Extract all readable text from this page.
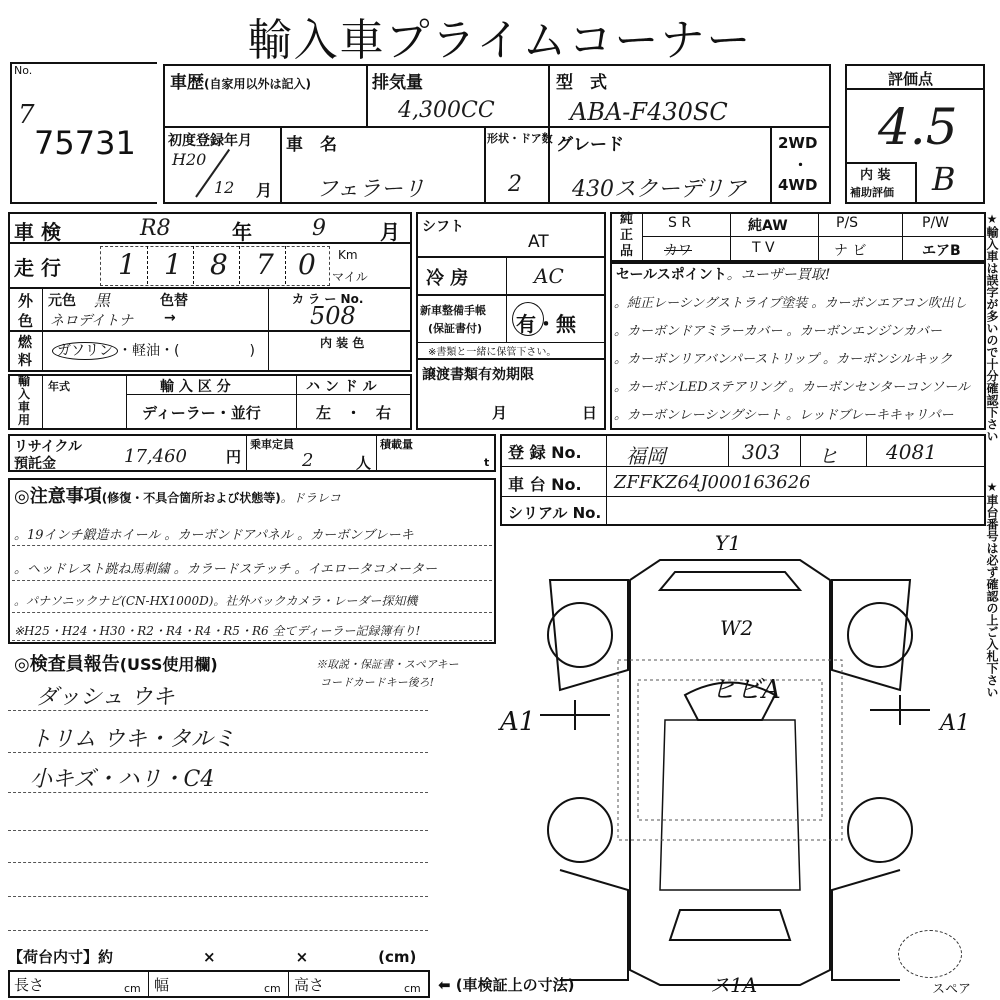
輸入車プライムコーナー
No.
7
75731
車歴(自家用以外は記入)	排気量
4,300CC
型　式
ABA-F430SC
初度登録年月
H20
12 月
車　名
フェラーリ
形状・ドア数
2
グレード
430スクーデリア
2WD
・
4WD
評価点
4.5
内 装
補助評価 B
車 検	R8	年	9	月
走 行 1 1 8 7 0 Km
マイル
外
色
元色 黒	色替
ネロデイトナ →
カ ラ ー No.
508
内 装 色
燃
料
ガソリン ・軽油・(	)
輸入車用
年式	輸 入 区 分
ディーラー・並行
ハ ン ド ル
左　・　右
シフト
AT
冷 房	AC
新車整備手帳
(保証書付) 有・無
※書類と一緒に保管下さい。
譲渡書類有効期限
月	日
純正品
S R	純AW	P/S	P/W
カワ	T V	ナ ビ	エアB
セールスポイント。ユーザー買取!
。純正レーシングストライプ塗装 。カーボンエアコン吹出し
。カーボンドアミラーカバー 。カーボンエンジンカバー
。カーボンリアバンパーストリップ 。カーボンシルキック
。カーボンLEDステアリング 。カーボンセンターコンソール
。カーボンレーシングシート 。レッドブレーキキャリパー
リサイクル
預託金	17,460	円
乗車定員
2	人
積載量
t
登 録 No. 福岡	303 ヒ 4081
車 台 No. ZFFKZ64J000163626
シリアル No.
◎注意事項(修復・不具合箇所および状態等)。ドラレコ
。19インチ鍛造ホイール 。カーボンドアパネル 。カーボンブレーキ
。ヘッドレスト跳ね馬刺繍 。カラードステッチ 。イエロータコメーター
。パナソニックナビ(CN-HX1000D)。社外バックカメラ・レーダー探知機
※H25・H24・H30・R2・R4・R4・R5・R6 全てディーラー記録簿有り!
◎検査員報告(USS使用欄)	※取説・保証書・スペアキー
コードカードキー後ろ!
ダッシュ ウキ
トリム ウキ・タルミ
小キズ・ハリ・C4
Y1
W2
ヒビA
A1	A1
ス1A	スペア
【荷台内寸】約	×	×	(cm)
長さ	cm 幅	cm 高さ	cm ⬅ (車検証上の寸法)
★輸入車は誤字が多いので十分確認下さい
★車台番号は必ず確認の上ご入札下さい
